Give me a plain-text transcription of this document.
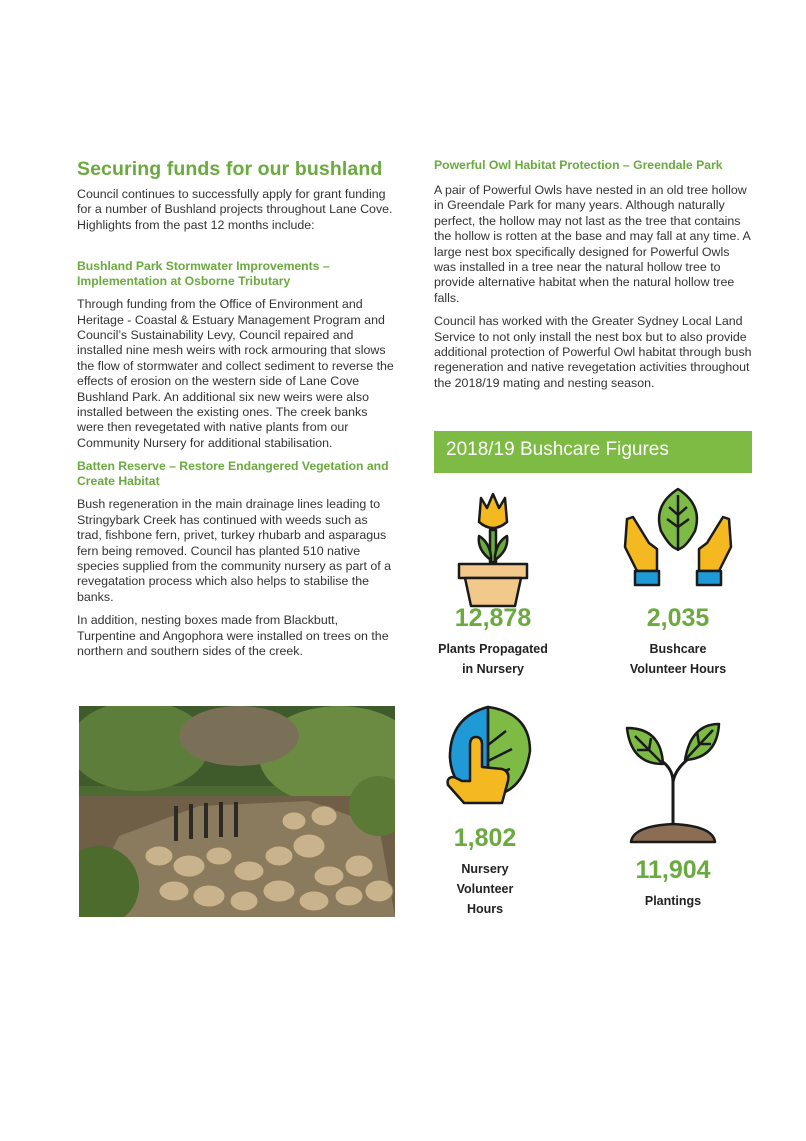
Securing funds for our bushland

Council continues to successfully apply for grant funding for a number of Bushland projects throughout Lane Cove. Highlights from the past 12 months include:

Bushland Park Stormwater Improvements – Implementation at Osborne Tributary

Through funding from the Office of Environment and Heritage - Coastal & Estuary Management Program and Council’s Sustainability Levy, Council repaired and installed nine mesh weirs with rock armouring that slows the flow of stormwater and collect sediment to reverse the effects of erosion on the western side of Lane Cove Bushland Park. An additional six new weirs were also installed between the existing ones. The creek banks were then revegetated with native plants from our Community Nursery for additional stabilisation.

Batten Reserve – Restore Endangered Vegetation and Create Habitat

Bush regeneration in the main drainage lines leading to Stringybark Creek has continued with weeds such as trad, fishbone fern, privet, turkey rhubarb and asparagus fern being removed. Council has planted 510 native species supplied from the community nursery as part of a revegatation process which also helps to stabilise the banks.

In addition, nesting boxes made from Blackbutt, Turpentine and Angophora were installed on trees on the northern and southern sides of the creek.

Powerful Owl Habitat Protection – Greendale Park

A pair of Powerful Owls have nested in an old tree hollow in Greendale Park for many years. Although naturally perfect, the hollow may not last as the tree that contains the hollow is rotten at the base and may fall at any time. A large nest box specifically designed for Powerful Owls was installed in a tree near the natural hollow tree to provide alternative habitat when the natural hollow tree falls.

Council has worked with the Greater Sydney Local Land Service to not only install the nest box but to also provide additional protection of Powerful Owl habitat through bush regeneration and native revegetation activities throughout the 2018/19 mating and nesting season.

2018/19 Bushcare Figures
12,878
Plants Propagated
in Nursery
2,035
Bushcare
Volunteer Hours
1,802
Nursery
Volunteer
Hours
11,904
Plantings
